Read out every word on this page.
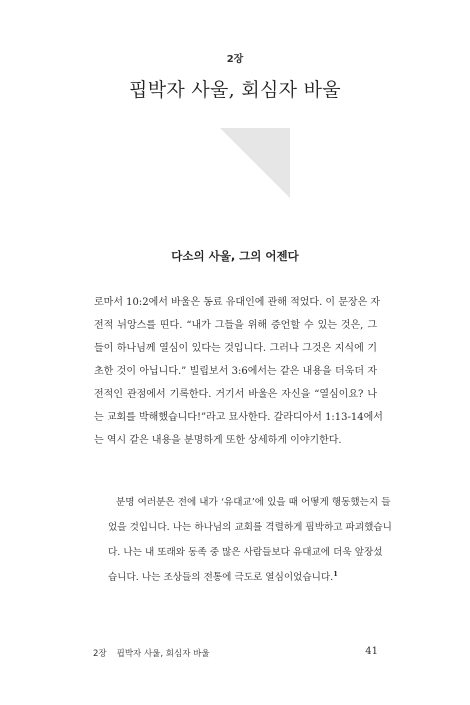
2장
핍박자 사울, 회심자 바울
다소의 사울, 그의 어젠다
로마서 10:2에서 바울은 동료 유대인에 관해 적었다. 이 문장은 자
전적 뉘앙스를 띤다. “내가 그들을 위해 증언할 수 있는 것은, 그
들이 하나님께 열심이 있다는 것입니다. 그러나 그것은 지식에 기
초한 것이 아닙니다.” 빌립보서 3:6에서는 같은 내용을 더욱더 자
전적인 관점에서 기록한다. 거기서 바울은 자신을 “열심이요? 나
는 교회를 박해했습니다!”라고 묘사한다. 갈라디아서 1:13-14에서
는 역시 같은 내용을 분명하게 또한 상세하게 이야기한다.
분명 여러분은 전에 내가 ‘유대교’에 있을 때 어떻게 행동했는지 들
었을 것입니다. 나는 하나님의 교회를 격렬하게 핍박하고 파괴했습니
다. 나는 내 또래와 동족 중 많은 사람들보다 유대교에 더욱 앞장섰
습니다. 나는 조상들의 전통에 극도로 열심이었습니다.$^1$
2장 핍박자 사울, 회심자 바울	41
